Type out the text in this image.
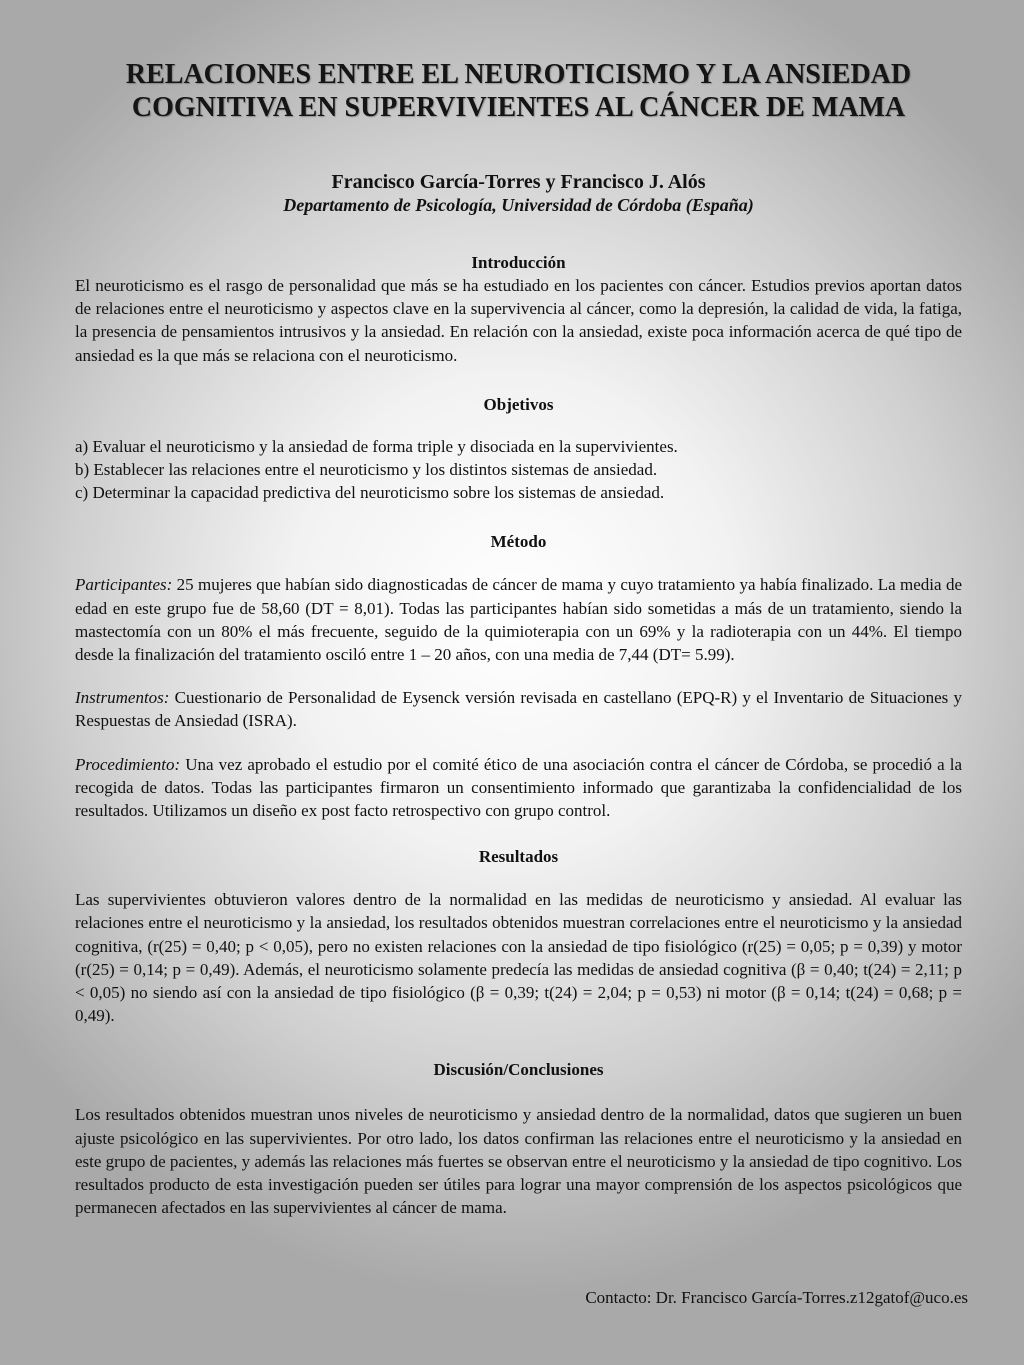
RELACIONES ENTRE EL NEUROTICISMO Y LA ANSIEDAD
COGNITIVA EN SUPERVIVIENTES AL CÁNCER DE MAMA
Francisco García-Torres y Francisco J. Alós
Departamento de Psicología, Universidad de Córdoba (España)
Introducción

El neuroticismo es el rasgo de personalidad que más se ha estudiado en los pacientes con cáncer. Estudios previos aportan datos de relaciones entre el neuroticismo y aspectos clave en la supervivencia al cáncer, como la depresión, la calidad de vida, la fatiga, la presencia de pensamientos intrusivos y la ansiedad. En relación con la ansiedad, existe poca información acerca de qué tipo de ansiedad es la que más se relaciona con el neuroticismo.

Objetivos

a) Evaluar el neuroticismo y la ansiedad de forma triple y disociada en la supervivientes.

b) Establecer las relaciones entre el neuroticismo y los distintos sistemas de ansiedad.

c) Determinar la capacidad predictiva del neuroticismo sobre los sistemas de ansiedad.

Método

Participantes: 25 mujeres que habían sido diagnosticadas de cáncer de mama y cuyo tratamiento ya había finalizado. La media de edad en este grupo fue de 58,60 (DT = 8,01). Todas las participantes habían sido sometidas a más de un tratamiento, siendo la mastectomía con un 80% el más frecuente, seguido de la quimioterapia con un 69% y la radioterapia con un 44%. El tiempo desde la finalización del tratamiento osciló entre 1 – 20 años, con una media de 7,44 (DT= 5.99).

Instrumentos: Cuestionario de Personalidad de Eysenck versión revisada en castellano (EPQ-R) y el Inventario de Situaciones y Respuestas de Ansiedad (ISRA).

Procedimiento: Una vez aprobado el estudio por el comité ético de una asociación contra el cáncer de Córdoba, se procedió a la recogida de datos. Todas las participantes firmaron un consentimiento informado que garantizaba la confidencialidad de los resultados. Utilizamos un diseño ex post facto retrospectivo con grupo control.

Resultados

Las supervivientes obtuvieron valores dentro de la normalidad en las medidas de neuroticismo y ansiedad. Al evaluar las relaciones entre el neuroticismo y la ansiedad, los resultados obtenidos muestran correlaciones entre el neuroticismo y la ansiedad cognitiva, (r(25) = 0,40; p < 0,05), pero no existen relaciones con la ansiedad de tipo fisiológico (r(25) = 0,05; p = 0,39) y motor (r(25) = 0,14; p = 0,49). Además, el neuroticismo solamente predecía las medidas de ansiedad cognitiva (β = 0,40; t(24) = 2,11; p < 0,05) no siendo así con la ansiedad de tipo fisiológico (β = 0,39; t(24) = 2,04; p = 0,53) ni motor (β = 0,14; t(24) = 0,68; p = 0,49).

Discusión/Conclusiones

Los resultados obtenidos muestran unos niveles de neuroticismo y ansiedad dentro de la normalidad, datos que sugieren un buen ajuste psicológico en las supervivientes. Por otro lado, los datos confirman las relaciones entre el neuroticismo y la ansiedad en este grupo de pacientes, y además las relaciones más fuertes se observan entre el neuroticismo y la ansiedad de tipo cognitivo. Los resultados producto de esta investigación pueden ser útiles para lograr una mayor comprensión de los aspectos psicológicos que permanecen afectados en las supervivientes al cáncer de mama.

Contacto: Dr. Francisco García-Torres.z12gatof@uco.es
